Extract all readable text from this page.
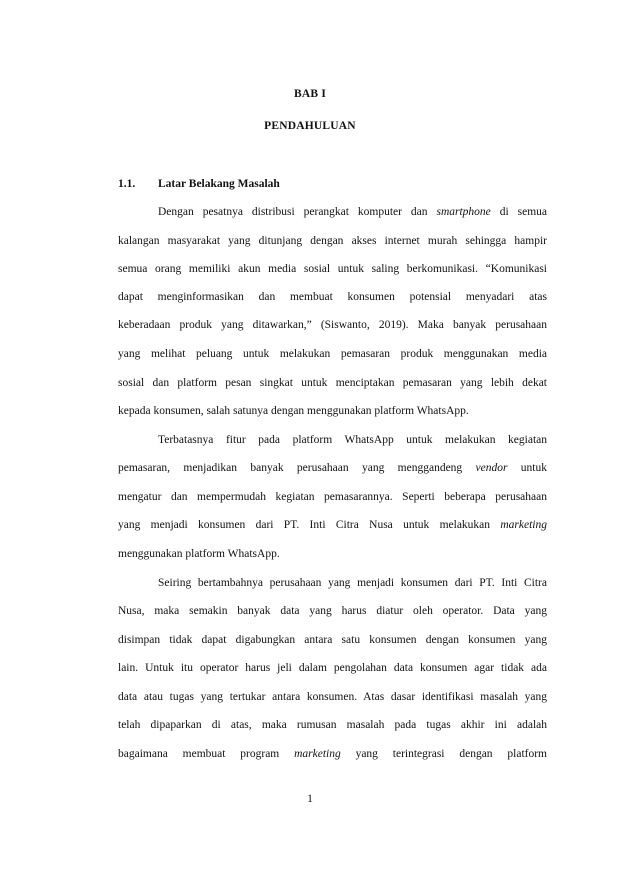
BAB I
PENDAHULUAN
1.1. Latar Belakang Masalah
Dengan pesatnya distribusi perangkat komputer dan smartphone di semua
kalangan masyarakat yang ditunjang dengan akses internet murah sehingga hampir
semua orang memiliki akun media sosial untuk saling berkomunikasi. “Komunikasi
dapat menginformasikan dan membuat konsumen potensial menyadari atas
keberadaan produk yang ditawarkan,” (Siswanto, 2019). Maka banyak perusahaan
yang melihat peluang untuk melakukan pemasaran produk menggunakan media
sosial dan platform pesan singkat untuk menciptakan pemasaran yang lebih dekat
kepada konsumen, salah satunya dengan menggunakan platform WhatsApp.
Terbatasnya fitur pada platform WhatsApp untuk melakukan kegiatan
pemasaran, menjadikan banyak perusahaan yang menggandeng vendor untuk
mengatur dan mempermudah kegiatan pemasarannya. Seperti beberapa perusahaan
yang menjadi konsumen dari PT. Inti Citra Nusa untuk melakukan marketing
menggunakan platform WhatsApp.
Seiring bertambahnya perusahaan yang menjadi konsumen dari PT. Inti Citra
Nusa, maka semakin banyak data yang harus diatur oleh operator. Data yang
disimpan tidak dapat digabungkan antara satu konsumen dengan konsumen yang
lain. Untuk itu operator harus jeli dalam pengolahan data konsumen agar tidak ada
data atau tugas yang tertukar antara konsumen. Atas dasar identifikasi masalah yang
telah dipaparkan di atas, maka rumusan masalah pada tugas akhir ini adalah
bagaimana membuat program marketing yang terintegrasi dengan platform
1
